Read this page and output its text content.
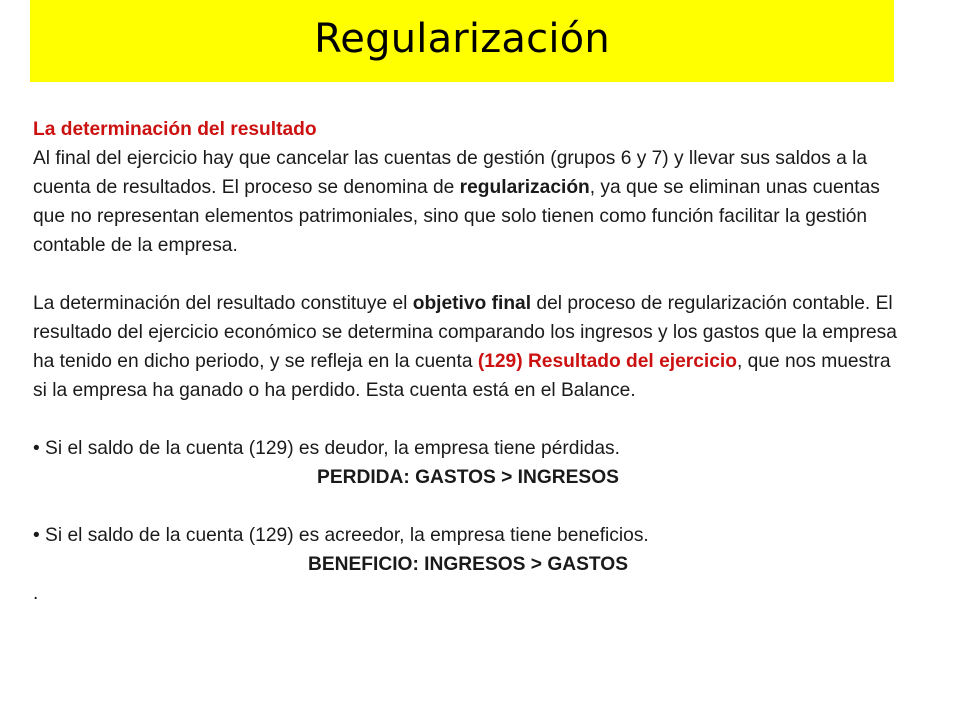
Regularización

La determinación del resultado

Al final del ejercicio hay que cancelar las cuentas de gestión (grupos 6 y 7) y llevar sus saldos a la cuenta de resultados. El proceso se denomina de regularización, ya que se eliminan unas cuentas que no representan elementos patrimoniales, sino que solo tienen como función facilitar la gestión contable de la empresa.

La determinación del resultado constituye el objetivo final del proceso de regularización contable. El resultado del ejercicio económico se determina comparando los ingresos y los gastos que la empresa ha tenido en dicho periodo, y se refleja en la cuenta (129) Resultado del ejercicio, que nos muestra si la empresa ha ganado o ha perdido. Esta cuenta está en el Balance.

• Si el saldo de la cuenta (129) es deudor, la empresa tiene pérdidas.

PERDIDA: GASTOS > INGRESOS

• Si el saldo de la cuenta (129) es acreedor, la empresa tiene beneficios.

BENEFICIO: INGRESOS > GASTOS

.
